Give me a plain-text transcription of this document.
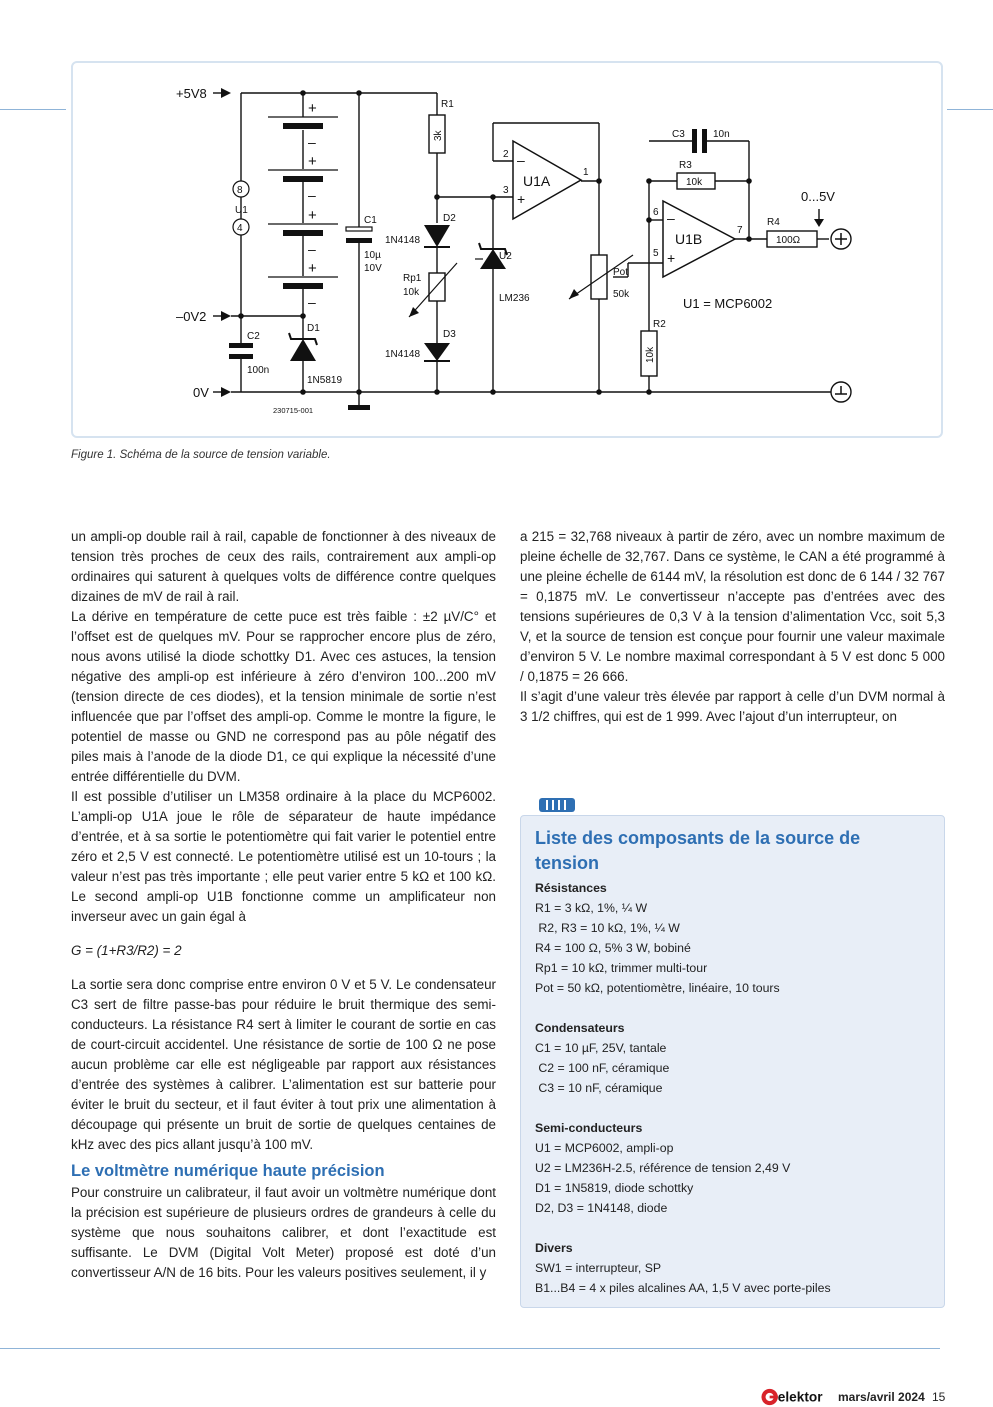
+5V8
–0V2
0V
8
U1
4
+
–
+
–
+
–
+
–
C1
10µ
10V
C2
100n
D1
1N5819
R1
3k
D2
1N4148
Rp1
10k
D3
1N4148
U2
LM236
2 –
3
+
U1A
1
Pot
50k
C3	10n
R3
10k
6 –
5 +
U1B
7
R4
100Ω
0...5V
U1 = MCP6002
R2
10k
230715-001
Figure 1. Schéma de la source de tension variable.

un ampli-op double rail à rail, capable de fonctionner à des niveaux de tension très proches de ceux des rails, contrairement aux ampli-op ordinaires qui saturent à quelques volts de différence contre quelques dizaines de mV de rail à rail.

La dérive en température de cette puce est très faible : ±2 µV/C° et l’offset est de quelques mV. Pour se rapprocher encore plus de zéro, nous avons utilisé la diode schottky D1. Avec ces astuces, la tension négative des ampli-op est inférieure à zéro d’environ 100...200 mV (tension directe de ces diodes), et la tension minimale de sortie n’est influencée que par l’offset des ampli-op. Comme le montre la figure, le potentiel de masse ou GND ne correspond pas au pôle négatif des piles mais à l’anode de la diode D1, ce qui explique la nécessité d’une entrée différentielle du DVM.

Il est possible d’utiliser un LM358 ordinaire à la place du MCP6002. L’ampli-op U1A joue le rôle de séparateur de haute impédance d’entrée, et à sa sortie le potentiomètre qui fait varier le potentiel entre zéro et 2,5 V est connecté. Le potentiomètre utilisé est un 10-tours ; la valeur n’est pas très importante ; elle peut varier entre 5 kΩ et 100 kΩ. Le second ampli-op U1B fonctionne comme un amplificateur non inverseur avec un gain égal à

G = (1+R3/R2) = 2

La sortie sera donc comprise entre environ 0 V et 5 V. Le condensateur C3 sert de filtre passe-bas pour réduire le bruit thermique des semi-conducteurs. La résistance R4 sert à limiter le courant de sortie en cas de court-circuit accidentel. Une résistance de sortie de 100 Ω ne pose aucun problème car elle est négligeable par rapport aux résistances d’entrée des systèmes à calibrer. L’alimentation est sur batterie pour éviter le bruit du secteur, et il faut éviter à tout prix une alimentation à découpage qui présente un bruit de sortie de quelques centaines de kHz avec des pics allant jusqu’à 100 mV.

Le voltmètre numérique haute précision

Pour construire un calibrateur, il faut avoir un voltmètre numérique dont la précision est supérieure de plusieurs ordres de grandeurs à celle du système que nous souhaitons calibrer, et dont l’exactitude est suffisante. Le DVM (Digital Volt Meter) proposé est doté d’un convertisseur A/N de 16 bits. Pour les valeurs positives seulement, il y

a 215 = 32,768 niveaux à partir de zéro, avec un nombre maximum de pleine échelle de 32,767. Dans ce système, le CAN a été programmé à une pleine échelle de 6144 mV, la résolution est donc de 6 144 / 32 767 = 0,1875 mV. Le convertisseur n’accepte pas d’entrées avec des tensions supérieures de 0,3 V à la tension d’alimentation Vcc, soit 5,3 V, et la source de tension est conçue pour fournir une valeur maximale d’environ 5 V. Le nombre maximal correspondant à 5 V est donc 5 000 / 0,1875 = 26 666.

Il s’agit d’une valeur très élevée par rapport à celle d’un DVM normal à 3 1/2 chiffres, qui est de 1 999. Avec l’ajout d’un interrupteur, on

Liste des composants de la source de tension
Résistances
R1 = 3 kΩ, 1%, ¼ W
R2, R3 = 10 kΩ, 1%, ¼ W
R4 = 100 Ω, 5% 3 W, bobiné
Rp1 = 10 kΩ, trimmer multi-tour
Pot = 50 kΩ, potentiomètre, linéaire, 10 tours
Condensateurs
C1 = 10 µF, 25V, tantale
C2 = 100 nF, céramique
C3 = 10 nF, céramique
Semi-conducteurs
U1 = MCP6002, ampli-op
U2 = LM236H-2.5, référence de tension 2,49 V
D1 = 1N5819, diode schottky
D2, D3 = 1N4148, diode
Divers
SW1 = interrupteur, SP
B1...B4 = 4 x piles alcalines AA, 1,5 V avec porte-piles
elektor mars/avril 2024 15
